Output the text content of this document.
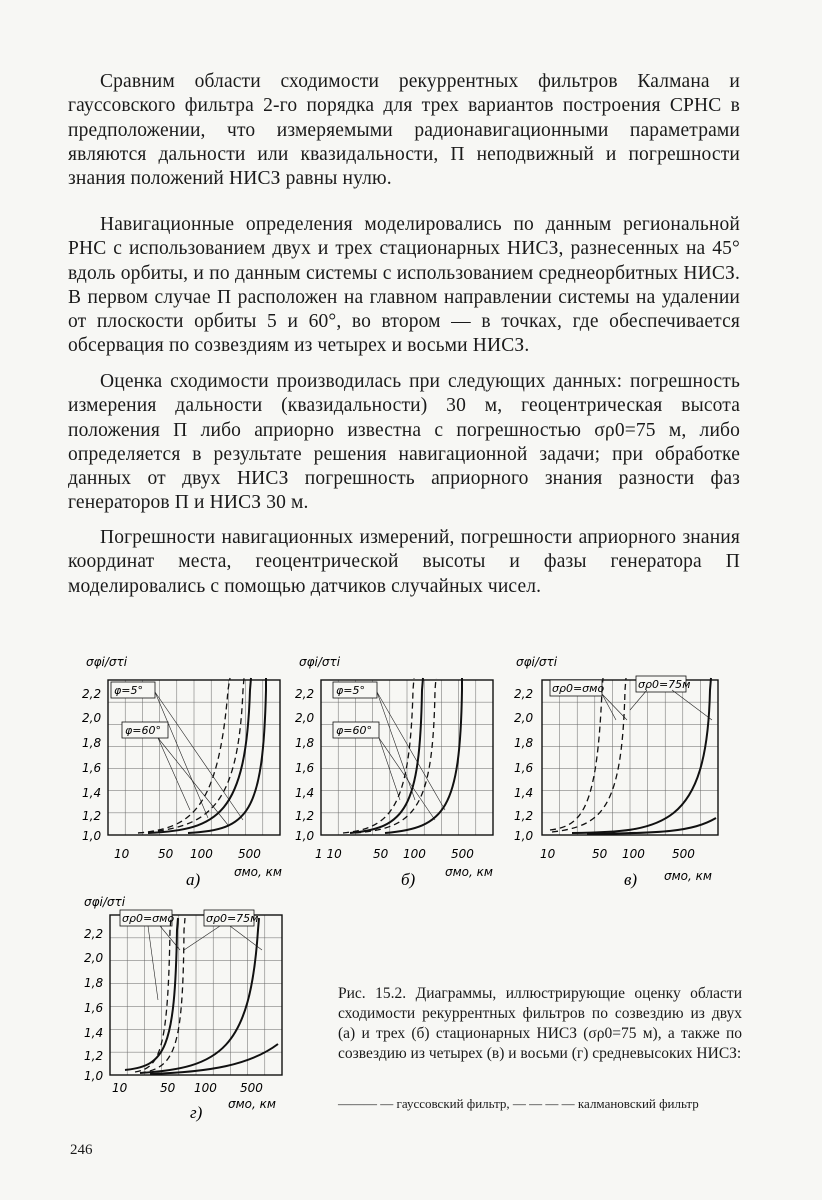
Сравним области сходимости рекуррентных фильтров Калмана и гауссовского фильтра 2-го порядка для трех вариантов построения СРНС в предположении, что измеряемыми радионавигационными параметрами являются дальности или квазидальности, П неподвижный и погрешности знания положений НИСЗ равны нулю.

Навигационные определения моделировались по данным региональной РНС с использованием двух и трех стационарных НИСЗ, разнесенных на 45° вдоль орбиты, и по данным системы с использованием среднеорбитных НИСЗ. В первом случае П расположен на главном направлении системы на удалении от плоскости орбиты 5 и 60°, во втором — в точках, где обеспечивается обсервация по созвездиям из четырех и восьми НИСЗ.

Оценка сходимости производилась при следующих данных: погрешность измерения дальности (квазидальности) 30 м, геоцентрическая высота положения П либо априорно известна с погрешностью σρ0=75 м, либо определяется в результате решения навигационной задачи; при обработке данных от двух НИСЗ погрешность априорного знания разности фаз генераторов П и НИСЗ 30 м.

Погрешности навигационных измерений, погрешности априорного знания координат места, геоцентрической высоты и фазы генератора П моделировались с помощью датчиков случайных чисел.

σφi/στi
2,2
2,0
1,8
1,6
1,4
1,2
1,0
10 50 100 500
а)	σмо, км
φ=5°
φ=60°
σφi/στi
2,2
2,0
1,8
1,6
1,4
1,2
1,0
1 10	50 100 500
б) σмо, км
φ=5°
φ=60°
σφi/στi
2,2
2,0
1,8
1,6
1,4
1,2
1,0
10	50 100 500
в) σмо, км
σρ0=σмо	σρ0=75м
σφi/στi
2,2
2,0
1,8
1,6
1,4
1,2
1,0
10	50 100 500
г) σмо, км
σρ0=σмо	σρ0=75м

Рис. 15.2. Диаграммы, иллюстрирующие оценку области сходимости рекуррентных фильтров по созвездию из двух (а) и трех (б) стационарных НИСЗ (σρ0=75 м), а также по созвездию из четырех (в) и восьми (г) средневысоких НИСЗ:

——— — гауссовский фильтр, — — — — калмановский фильтр

246
